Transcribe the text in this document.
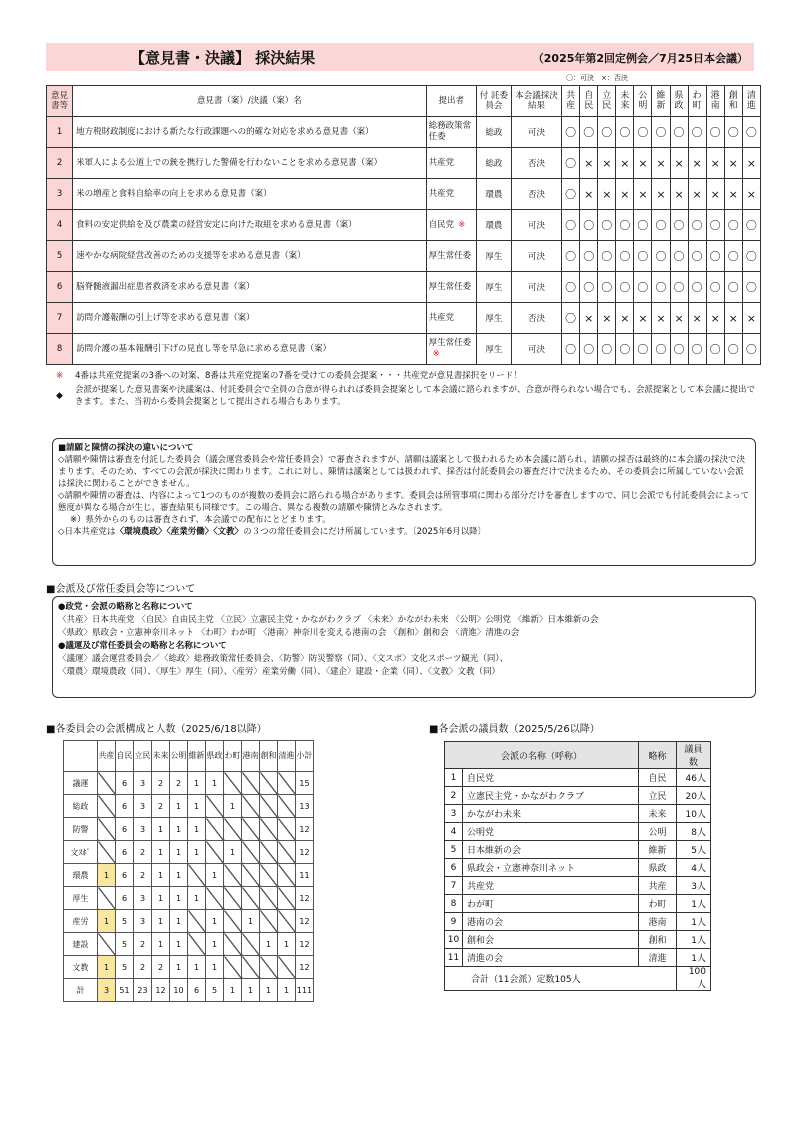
【意見書・決議】 採決結果	（2025年第2回定例会／7月25日本会議）
〇：可決　×：否決
意見書等	意見書（案）/決議（案）名	提出者	付 託委員会	本会議採決結果	共産	自民	立民	未来	公明	維新	県政	わ町	港南	創和	清進
1	地方税財政制度における新たな行政課題への的確な対応を求める意見書（案）	総務政策常任委	総政	可決	〇	〇	〇	〇	〇	〇	〇	〇	〇	〇	〇
2	米軍人による公道上での銃を携行した警備を行わないことを求める意見書（案）	共産党	総政	否決	〇	×	×	×	×	×	×	×	×	×	×
3	米の増産と食料自給率の向上を求める意見書（案）	共産党	環農	否決	〇	×	×	×	×	×	×	×	×	×	×
4	食料の安定供給を及び農業の経営安定に向けた取組を求める意見書（案）	自民党 ※	環農	可決	〇	〇	〇	〇	〇	〇	〇	〇	〇	〇	〇
5	速やかな病院経営改善のための支援等を求める意見書（案）	厚生常任委	厚生	可決	〇	〇	〇	〇	〇	〇	〇	〇	〇	〇	〇
6	脳脊髄液漏出症患者救済を求める意見書（案）	厚生常任委	厚生	可決	〇	〇	〇	〇	〇	〇	〇	〇	〇	〇	〇
7	訪問介護報酬の引上げ等を求める意見書（案）	共産党	厚生	否決	〇	×	×	×	×	×	×	×	×	×	×
8	訪問介護の基本報酬引下げの見直し等を早急に求める意見書（案）	厚生常任委※	厚生	可決	〇	〇	〇	〇	〇	〇	〇	〇	〇	〇	〇
※ 4番は共産党提案の3番への対案、8番は共産党提案の7番を受けての委員会提案・・・共産党が意見書採択をリード！
◆
会派が提案した意見書案や決議案は、付託委員会で全員の合意が得られれば委員会提案として本会議に諮られますが、合意が得られない場合でも、会派提案として本会議に提出できます。また、当初から委員会提案として提出される場合もあります。

■請願と陳情の採決の違いについて

◇請願や陳情は審査を付託した委員会（議会運営委員会や常任委員会）で審査されますが、請願は議案として扱われるため本会議に諮られ、請願の採否は最終的に本会議の採決で決まります。そのため、すべての会派が採決に関わります。これに対し、陳情は議案としては扱われず、採否は付託委員会の審査だけで決まるため、その委員会に所属していない会派は採決に関わることができません。

◇請願や陳情の審査は、内容によって1つのものが複数の委員会に諮られる場合があります。委員会は所管事項に関わる部分だけを審査しますので、同じ会派でも付託委員会によって態度が異なる場合が生じ、審査結果も同様です。この場合、異なる複数の請願や陳情とみなされます。

※）県外からのものは審査されず、本会議での配布にとどまります。

◇日本共産党は〈環境農政〉〈産業労働〉〈文教〉の３つの常任委員会にだけ所属しています。〔2025年6月以降〕

■会派及び常任委員会等について

●政党・会派の略称と名称について

〈共産〉日本共産党 〈自民〉自由民主党 〈立民〉立憲民主党・かながわクラブ 〈未来〉かながわ未来 〈公明〉公明党 〈維新〉日本維新の会

〈県政〉県政会・立憲神奈川ネット 〈わ町〉わが町 〈港南〉神奈川を変える港南の会 〈創和〉創和会 〈清進〉清進の会

●議運及び常任委員会の略称と名称について

〈議運〉議会運営委員会／〈総政〉総務政策常任委員会、〈防警〉防災警察（同）、〈文スポ〉文化スポーツ観光（同）、

〈環農〉環境農政（同）、〈厚生〉厚生（同）、〈産労〉産業労働（同）、〈建企〉建設・企業（同）、〈文教〉文教（同）

■各委員会の会派構成と人数（2025/6/18以降）
	共産	自民	立民	未来	公明	維新	県政	わ町	港南	創和	清進	小計
議運		6	3	2	2	1	1					15
総政		6	3	2	1	1		1				13
防警		6	3	1	1	1						12
文ｽﾎﾟ		6	2	1	1	1		1				12
環農	1	6	2	1	1		1					11
厚生		6	3	1	1	1						12
産労	1	5	3	1	1		1		1			12
建設		5	2	1	1		1			1	1	12
文教	1	5	2	2	1	1	1					12
計	3	51	23	12	10	6	5	1	1	1	1	111
■各会派の議員数（2025/5/26以降）
会派の名称（呼称）		略称	議員数
1	自民党	自民	46人
2	立憲民主党・かながわクラブ	立民	20人
3	かながわ未来	未来	10人
4	公明党	公明	8人
5	日本維新の会	維新	5人
6	県政会・立憲神奈川ネット	県政	4人
7	共産党	共産	3人
8	わが町	わ町	1人
9	港南の会	港南	1人
10	創和会	創和	1人
11	清進の会	清進	1人
合計（11会派）定数105人			100人
